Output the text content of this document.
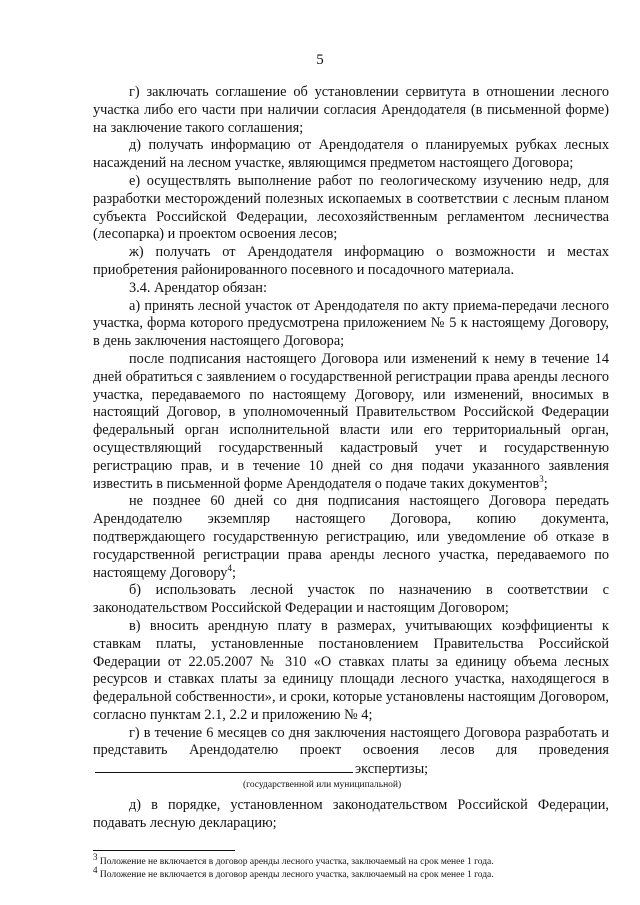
5

г) заключать соглашение об установлении сервитута в отношении лесного участка либо его части при наличии согласия Арендодателя (в письменной форме) на заключение такого соглашения;

д) получать информацию от Арендодателя о планируемых рубках лесных насаждений на лесном участке, являющимся предметом настоящего Договора;

е) осуществлять выполнение работ по геологическому изучению недр, для разработки месторождений полезных ископаемых в соответствии с лесным планом субъекта Российской Федерации, лесохозяйственным регламентом лесничества (лесопарка) и проектом освоения лесов;

ж) получать от Арендодателя информацию о возможности и местах приобретения районированного посевного и посадочного материала.

3.4. Арендатор обязан:

а) принять лесной участок от Арендодателя по акту приема-передачи лесного участка, форма которого предусмотрена приложением № 5 к настоящему Договору, в день заключения настоящего Договора;

после подписания настоящего Договора или изменений к нему в течение 14 дней обратиться с заявлением о государственной регистрации права аренды лесного участка, передаваемого по настоящему Договору, или изменений, вносимых в настоящий Договор, в уполномоченный Правительством Российской Федерации федеральный орган исполнительной власти или его территориальный орган, осуществляющий государственный кадастровый учет и государственную регистрацию прав, и в течение 10 дней со дня подачи указанного заявления известить в письменной форме Арендодателя о подаче таких документов$^3$;

не позднее 60 дней со дня подписания настоящего Договора передать Арендодателю экземпляр настоящего Договора, копию документа, подтверждающего государственную регистрацию, или уведомление об отказе в государственной регистрации права аренды лесного участка, передаваемого по настоящему Договору$^4$;

б) использовать лесной участок по назначению в соответствии с законодательством Российской Федерации и настоящим Договором;

в) вносить арендную плату в размерах, учитывающих коэффициенты к ставкам платы, установленные постановлением Правительства Российской Федерации от 22.05.2007 № 310 «О ставках платы за единицу объема лесных ресурсов и ставках платы за единицу площади лесного участка, находящегося в федеральной собственности», и сроки, которые установлены настоящим Договором, согласно пунктам 2.1, 2.2 и приложению № 4;

г) в течение 6 месяцев со дня заключения настоящего Договора разработать и представить Арендодателю проект освоения лесов для проведенияэкспертизы;

(государственной или муниципальной)

д) в порядке, установленном законодательством Российской Федерации, подавать лесную декларацию;

$^3$ Положение не включается в договор аренды лесного участка, заключаемый на срок менее 1 года.

$^4$ Положение не включается в договор аренды лесного участка, заключаемый на срок менее 1 года.
